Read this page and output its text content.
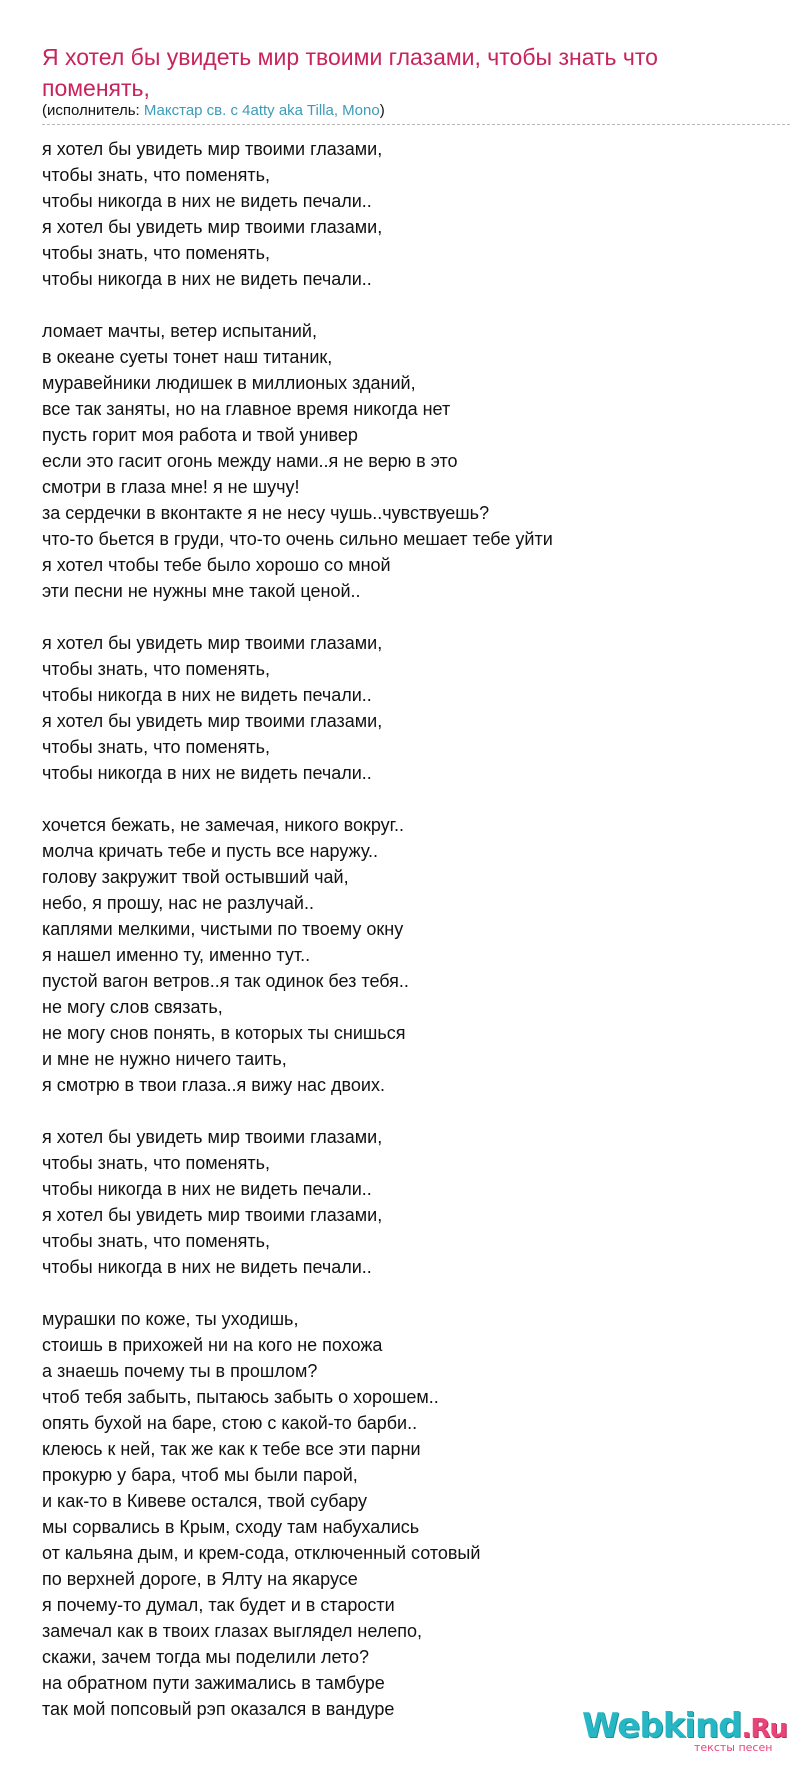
Я хотел бы увидеть мир твоими глазами, чтобы знать что поменять,
(исполнитель: Макстар св. с 4atty aka Tilla, Mono)
я хотел бы увидеть мир твоими глазами,
чтобы знать, что поменять,
чтобы никогда в них не видеть печали..
я хотел бы увидеть мир твоими глазами,
чтобы знать, что поменять,
чтобы никогда в них не видеть печали..
ломает мачты, ветер испытаний,
в океане суеты тонет наш титаник,
муравейники людишек в миллионых зданий,
все так заняты, но на главное время никогда нет
пусть горит моя работа и твой универ
если это гасит огонь между нами..я не верю в это
смотри в глаза мне! я не шучу!
за сердечки в вконтакте я не несу чушь..чувствуешь?
что-то бьется в груди, что-то очень сильно мешает тебе уйти
я хотел чтобы тебе было хорошо со мной
эти песни не нужны мне такой ценой..
я хотел бы увидеть мир твоими глазами,
чтобы знать, что поменять,
чтобы никогда в них не видеть печали..
я хотел бы увидеть мир твоими глазами,
чтобы знать, что поменять,
чтобы никогда в них не видеть печали..
хочется бежать, не замечая, никого вокруг..
молча кричать тебе и пусть все наружу..
голову закружит твой остывший чай,
небо, я прошу, нас не разлучай..
каплями мелкими, чистыми по твоему окну
я нашел именно ту, именно тут..
пустой вагон ветров..я так одинок без тебя..
не могу слов связать,
не могу снов понять, в которых ты снишься
и мне не нужно ничего таить,
я смотрю в твои глаза..я вижу нас двоих.
я хотел бы увидеть мир твоими глазами,
чтобы знать, что поменять,
чтобы никогда в них не видеть печали..
я хотел бы увидеть мир твоими глазами,
чтобы знать, что поменять,
чтобы никогда в них не видеть печали..
мурашки по коже, ты уходишь,
стоишь в прихожей ни на кого не похожа
а знаешь почему ты в прошлом?
чтоб тебя забыть, пытаюсь забыть о хорошем..
опять бухой на баре, стою с какой-то барби..
клеюсь к ней, так же как к тебе все эти парни
прокурю у бара, чтоб мы были парой,
и как-то в Кивеве остался, твой субару
мы сорвались в Крым, сходу там набухались
от кальяна дым, и крем-сода, отключенный сотовый
по верхней дороге, в Ялту на якарусе
я почему-то думал, так будет и в старости
замечал как в твоих глазах выглядел нелепо,
скажи, зачем тогда мы поделили лето?
на обратном пути зажимались в тамбуре
так мой попсовый рэп оказался в вандуре	Webkind.Ru
тексты песен
